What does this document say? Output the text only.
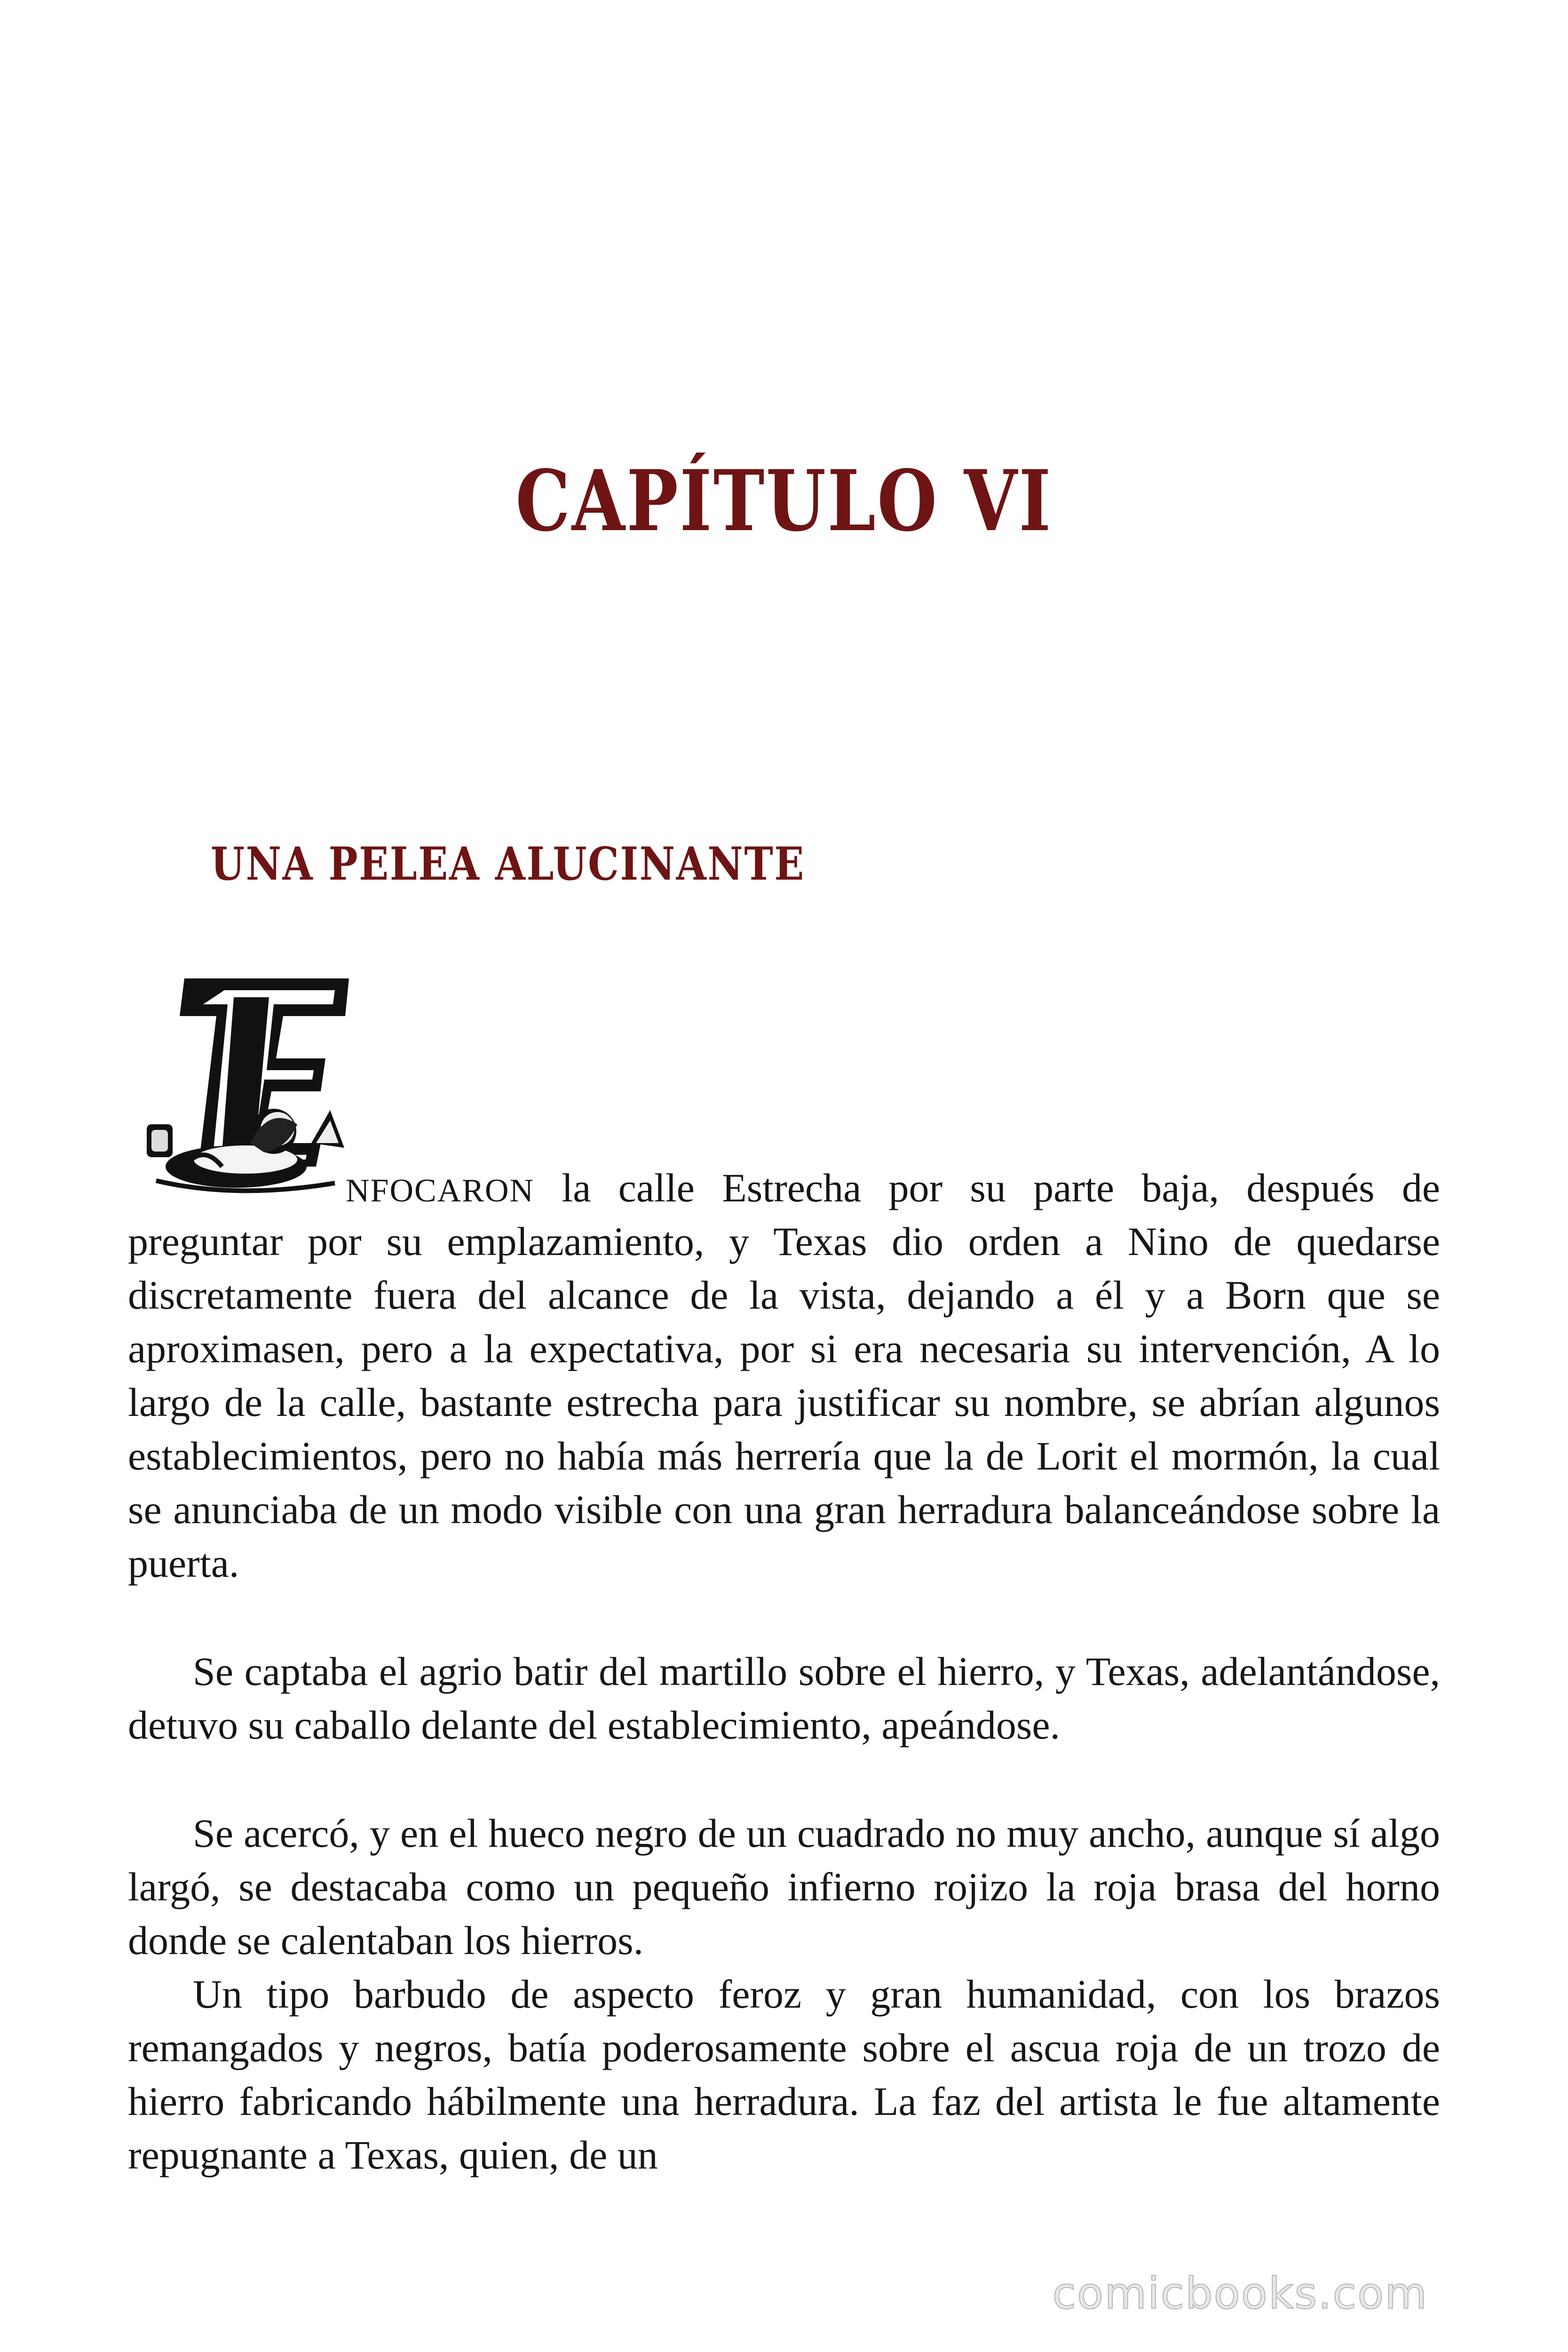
CAPÍTULO VI
UNA PELEA ALUCINANTE

NFOCARON la calle Estrecha por su parte baja, después de

preguntar por su emplazamiento, y Texas dio orden a Nino de quedarse discretamente fuera del alcance de la vista, dejando a él y a Born que se aproximasen, pero a la expectativa, por si era necesaria su intervención, A lo largo de la calle, bastante estrecha para justificar su nombre, se abrían algunos establecimientos, pero no había más herrería que la de Lorit el mormón, la cual se anunciaba de un modo visible con una gran herradura balanceándose sobre la puerta.

Se captaba el agrio batir del martillo sobre el hierro, y Texas, adelantándose, detuvo su caballo delante del establecimiento, apeándose.

Se acercó, y en el hueco negro de un cuadrado no muy ancho, aunque sí algo largó, se destacaba como un pequeño infierno rojizo la roja brasa del horno donde se calentaban los hierros.

Un tipo barbudo de aspecto feroz y gran humanidad, con los brazos remangados y negros, batía poderosamente sobre el ascua roja de un trozo de hierro fabricando hábilmente una herradura. La faz del artista le fue altamente repugnante a Texas, quien, de un

comicbooks.com
